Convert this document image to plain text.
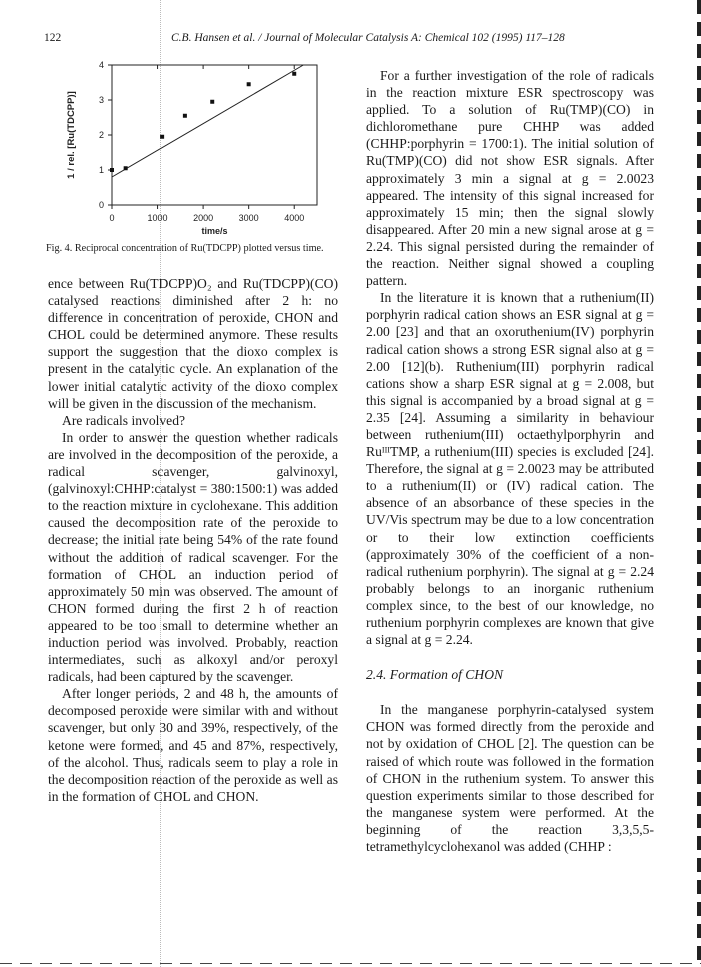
122	C.B. Hansen et al. / Journal of Molecular Catalysis A: Chemical 102 (1995) 117–128
0	1000	2000	3000	4000
0
1
2
3
4
time/s
1 / rel. [Ru(TDCPP)]
Fig. 4. Reciprocal concentration of Ru(TDCPP) plotted versus time.

ence between Ru(TDCPP)O₂ and Ru(TDCPP)(CO) catalysed reactions diminished after 2 h: no difference in concentration of peroxide, CHON and CHOL could be determined anymore. These results support the suggestion that the dioxo complex is present in the catalytic cycle. An explanation of the lower initial catalytic activity of the dioxo complex will be given in the discussion of the mechanism.

Are radicals involved?

In order to answer the question whether radicals are involved in the decomposition of the peroxide, a radical scavenger, galvinoxyl, (galvinoxyl:CHHP:catalyst = 380:1500:1) was added to the reaction mixture in cyclohexane. This addition caused the decomposition rate of the peroxide to decrease; the initial rate being 54% of the rate found without the addition of radical scavenger. For the formation of CHOL an induction period of approximately 50 min was observed. The amount of CHON formed during the first 2 h of reaction appeared to be too small to determine whether an induction period was involved. Probably, reaction intermediates, such as alkoxyl and/or peroxyl radicals, had been captured by the scavenger.

After longer periods, 2 and 48 h, the amounts of decomposed peroxide were similar with and without scavenger, but only 30 and 39%, respectively, of the ketone were formed, and 45 and 87%, respectively, of the alcohol. Thus, radicals seem to play a role in the decomposition reaction of the peroxide as well as in the formation of CHOL and CHON.

For a further investigation of the role of radicals in the reaction mixture ESR spectroscopy was applied. To a solution of Ru(TMP)(CO) in dichloromethane pure CHHP was added (CHHP:porphyrin = 1700:1). The initial solution of Ru(TMP)(CO) did not show ESR signals. After approximately 3 min a signal at g = 2.0023 appeared. The intensity of this signal increased for approximately 15 min; then the signal slowly disappeared. After 20 min a new signal arose at g = 2.24. This signal persisted during the remainder of the reaction. Neither signal showed a coupling pattern.

In the literature it is known that a ruthenium(II) porphyrin radical cation shows an ESR signal at g = 2.00 [23] and that an oxoruthenium(IV) porphyrin radical cation shows a strong ESR signal also at g = 2.00 [12](b). Ruthenium(III) porphyrin radical cations show a sharp ESR signal at g = 2.008, but this signal is accompanied by a broad signal at g = 2.35 [24]. Assuming a similarity in behaviour between ruthenium(III) octaethylporphyrin and RuᴵᴵᴵTMP, a ruthenium(III) species is excluded [24]. Therefore, the signal at g = 2.0023 may be attributed to a ruthenium(II) or (IV) radical cation. The absence of an absorbance of these species in the UV/Vis spectrum may be due to a low concentration or to their low extinction coefficients (approximately 30% of the coefficient of a non-radical ruthenium porphyrin). The signal at g = 2.24 probably belongs to an inorganic ruthenium complex since, to the best of our knowledge, no ruthenium porphyrin complexes are known that give a signal at g = 2.24.

2.4. Formation of CHON

In the manganese porphyrin-catalysed system CHON was formed directly from the peroxide and not by oxidation of CHOL [2]. The question can be raised of which route was followed in the formation of CHON in the ruthenium system. To answer this question experiments similar to those described for the manganese system were performed. At the beginning of the reaction 3,3,5,5-tetramethylcyclohexanol was added (CHHP :
